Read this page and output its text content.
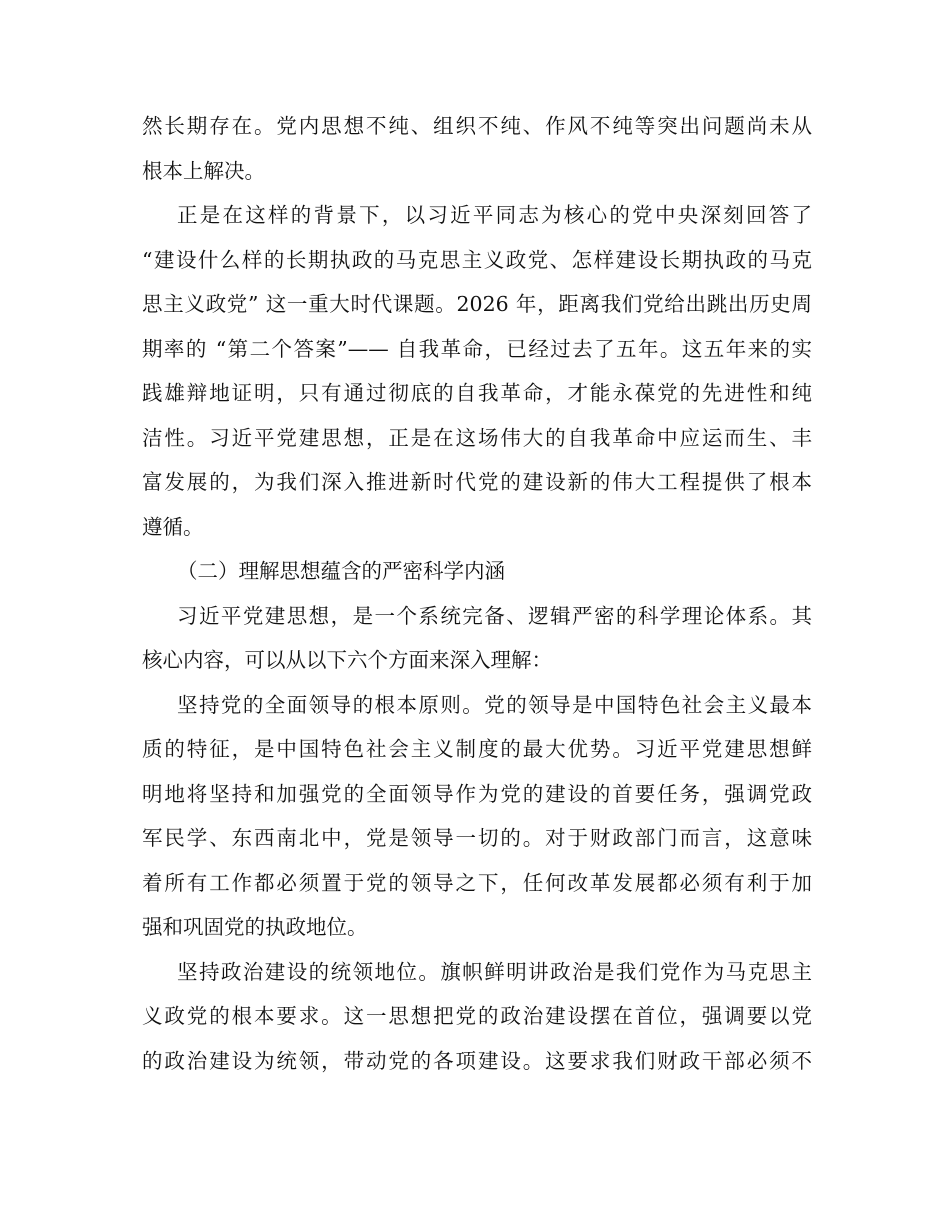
然长期存在。党内思想不纯、组织不纯、作风不纯等突出问题尚未从
根本上解决。
正是在这样的背景下，以习近平同志为核心的党中央深刻回答了
“建设什么样的长期执政的马克思主义政党、怎样建设长期执政的马克
思主义政党” 这一重大时代课题。2026 年，距离我们党给出跳出历史周
期率的 “第二个答案”—— 自我革命，已经过去了五年。这五年来的实
践雄辩地证明，只有通过彻底的自我革命，才能永葆党的先进性和纯
洁性。习近平党建思想，正是在这场伟大的自我革命中应运而生、丰
富发展的，为我们深入推进新时代党的建设新的伟大工程提供了根本
遵循。
（二）理解思想蕴含的严密科学内涵
习近平党建思想，是一个系统完备、逻辑严密的科学理论体系。其
核心内容，可以从以下六个方面来深入理解：
坚持党的全面领导的根本原则。党的领导是中国特色社会主义最本
质的特征，是中国特色社会主义制度的最大优势。习近平党建思想鲜
明地将坚持和加强党的全面领导作为党的建设的首要任务，强调党政
军民学、东西南北中，党是领导一切的。对于财政部门而言，这意味
着所有工作都必须置于党的领导之下，任何改革发展都必须有利于加
强和巩固党的执政地位。
坚持政治建设的统领地位。旗帜鲜明讲政治是我们党作为马克思主
义政党的根本要求。这一思想把党的政治建设摆在首位，强调要以党
的政治建设为统领，带动党的各项建设。这要求我们财政干部必须不
